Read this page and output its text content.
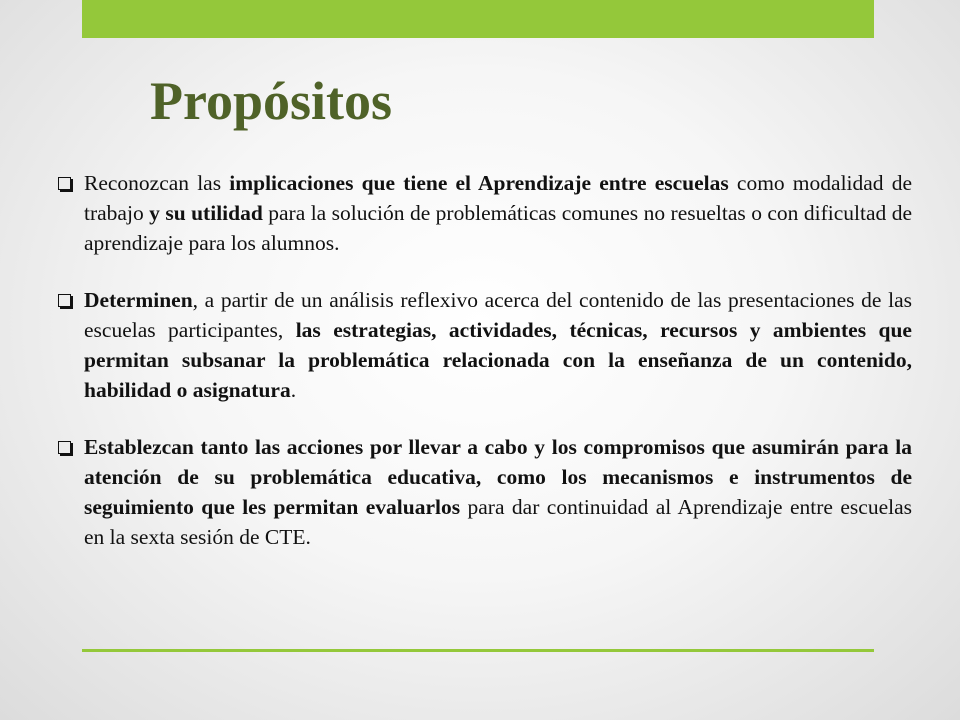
Propósitos

Reconozcan las implicaciones que tiene el Aprendizaje entre escuelas como modalidad de trabajo y su utilidad para la solución de problemáticas comunes no resueltas o con dificultad de aprendizaje para los alumnos.

Determinen, a partir de un análisis reflexivo acerca del contenido de las presentaciones de las escuelas participantes, las estrategias, actividades, técnicas, recursos y ambientes que permitan subsanar la problemática relacionada con la enseñanza de un contenido, habilidad o asignatura.

Establezcan tanto las acciones por llevar a cabo y los compromisos que asumirán para la atención de su problemática educativa, como los mecanismos e instrumentos de seguimiento que les permitan evaluarlos para dar continuidad al Aprendizaje entre escuelas en la sexta sesión de CTE.
